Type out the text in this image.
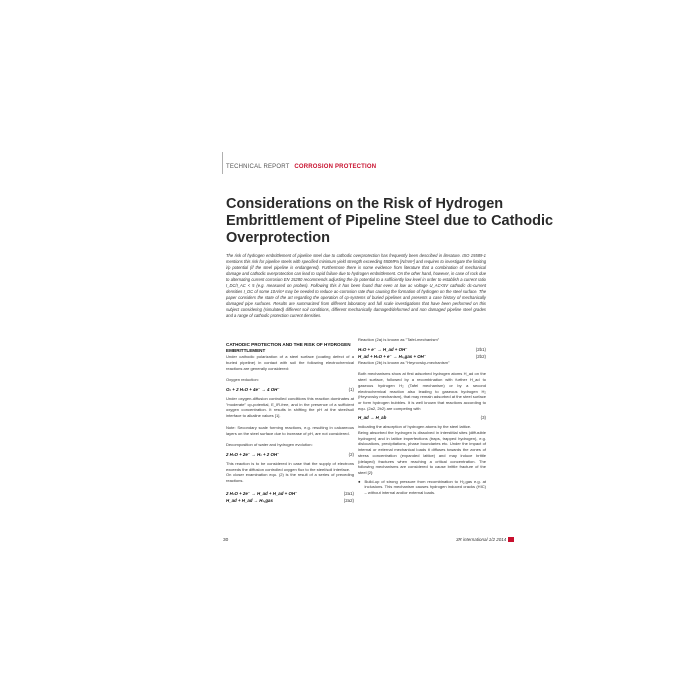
TECHNICAL REPORT CORROSION PROTECTION
Considerations on the Risk of Hydrogen Embrittlement of Pipeline Steel due to Cathodic Overprotection

The risk of hydrogen embrittlement of pipeline steel due to cathodic overprotection has frequently been described in literature. ISO 15589-1 mentions this risk for pipeline steels with specified minimum yield strength exceeding 550MPa [N/mm²] and requires to investigate the limiting i/p potential (if the steel pipeline is endangered). Furthermore there is some evidence from literature that a combination of mechanical damage and cathodic overprotection can lead to rapid failure due to hydrogen embrittlement. On the other hand, however, in case of rock due to alternating current corrosion EN 15280 recommends adjusting the i/p potential to a sufficiently low level in order to establish a current ratio I_DC/I_AC < 5 (e.g. measured on probes). Following this it has been found that even at low ac voltage U_AC<5V cathodic dc-current densities I_DC of some 10A/m² may be needed to reduce ac-corrosion rate thus causing the formation of hydrogen on the steel surface. The paper considers the state of the art regarding the operation of cp-systems of buried pipelines and presents a case history of mechanically damaged pipe surfaces. Results are summarized from different laboratory and full scale investigations that have been performed on this subject considering (simulated) different soil conditions, different mechanically damaged/deformed and non damaged pipeline steel grades and a range of cathodic protection current densities.

CATHODIC PROTECTION AND THE RISK OF HYDROGEN EMBRITTLEMENT

Under cathodic polarization of a steel surface (coating defect of a buried pipeline) in contact with soil the following electrochemical reactions are generally considered:

Oxygen reduction:

O₂ + 2 H₂O + 4e⁻ → 4 OH⁻	(1)

Under oxygen-diffusion controlled conditions this reaction dominates at "moderate" cp-potential, E_IR-free, and in the presence of a sufficient oxygen concentration. It results in shifting the pH at the steel/soil interface to alkaline values [1].

Note: Secondary scale forming reactions, e.g. resulting in calcareous layers on the steel surface due to increase of pH, are not considered.

Decomposition of water and hydrogen evolution:

2 H₂O + 2e⁻ → H₂ + 2 OH⁻	(2)

This reaction is to be considered in case that the supply of electrons exceeds the diffusion controlled oxygen flux to the steel/soil interface.

On closer examination equ. (2) is the result of a series of preceding reactions.

2 H₂O + 2e⁻ → H_ad + H_ad + OH⁻	(2a1)
H_ad + H_ad → H₂,gas	(2a2)

Reaction (2a) is known as "Tafel-mechanism"

H₂O + e⁻ → H_ad + OH⁻	(2b1)
H_ad + H₂O + e⁻ → H₂,gas + OH⁻	(2b2)

Reaction (2b) is known as "Heyrovsky-mechanism"

Both mechanisms show at first adsorbed hydrogen atoms H_ad on the steel surface, followed by a recombination with further H_ad to gaseous hydrogen H₂ (Tafel mechanism) or by a second electrochemical reaction also leading to gaseous hydrogen H₂ (Heyrovsky mechanism), that may remain adsorbed at the steel surface or form hydrogen bubbles. It is well known that reactions according to equ. (2a2, 2b2) are competing with

H_ad → H_ab	(3)

indicating the absorption of hydrogen atoms by the steel lattice.

Being absorbed the hydrogen is dissolved in interstitial sites (diffusible hydrogen) and in lattice imperfections (traps, trapped hydrogen), e.g. dislocations, precipitations, phase boundaries etc. Under the impact of internal or external mechanical loads it diffuses towards the zones of stress concentration (expanded lattice) and may induce brittle (delayed) fractures when reaching a critical concentration. The following mechanisms are considered to cause brittle fracture of the steel [2]:

● Build-up of strong pressure from recombination to H₂,gas e.g. at inclusions. This mechanism causes hydrogen induced cracks (HIC) – without internal and/or external loads.

30	3R international 1/2 2014
